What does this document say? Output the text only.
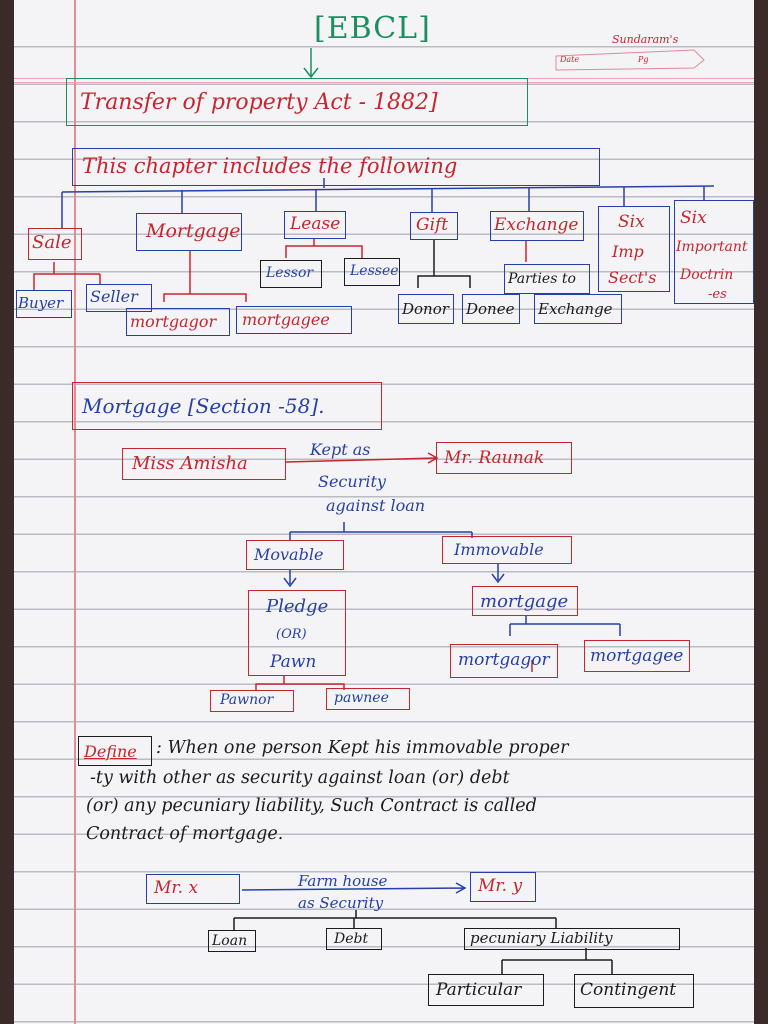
Sundaram's
Date	Pg
[EBCL]
Transfer of property Act - 1882]
This chapter includes the following
Sale
Buyer Seller
Mortgage
mortgagor mortgagee
Lease
Lessor	Lessee
Gift
Donor Donee
Exchange
Parties to
Exchange
Six
Imp
Sect's
Six
Important
Doctrin
-es
Mortgage [Section -58].
Miss Amisha
Kept as	Mr. Raunak
Security
against loan
Movable	Immovable
Pledge
(OR)
Pawn
Pawnor	pawnee
mortgage
mortgagor mortgagee
Define : When one person Kept his immovable proper
-ty with other as security against loan (or) debt
(or) any pecuniary liability, Such Contract is called
Contract of mortgage.
Mr. x	Farm house
as Security
Mr. y
Loan	Debt	pecuniary Liability
Particular	Contingent
